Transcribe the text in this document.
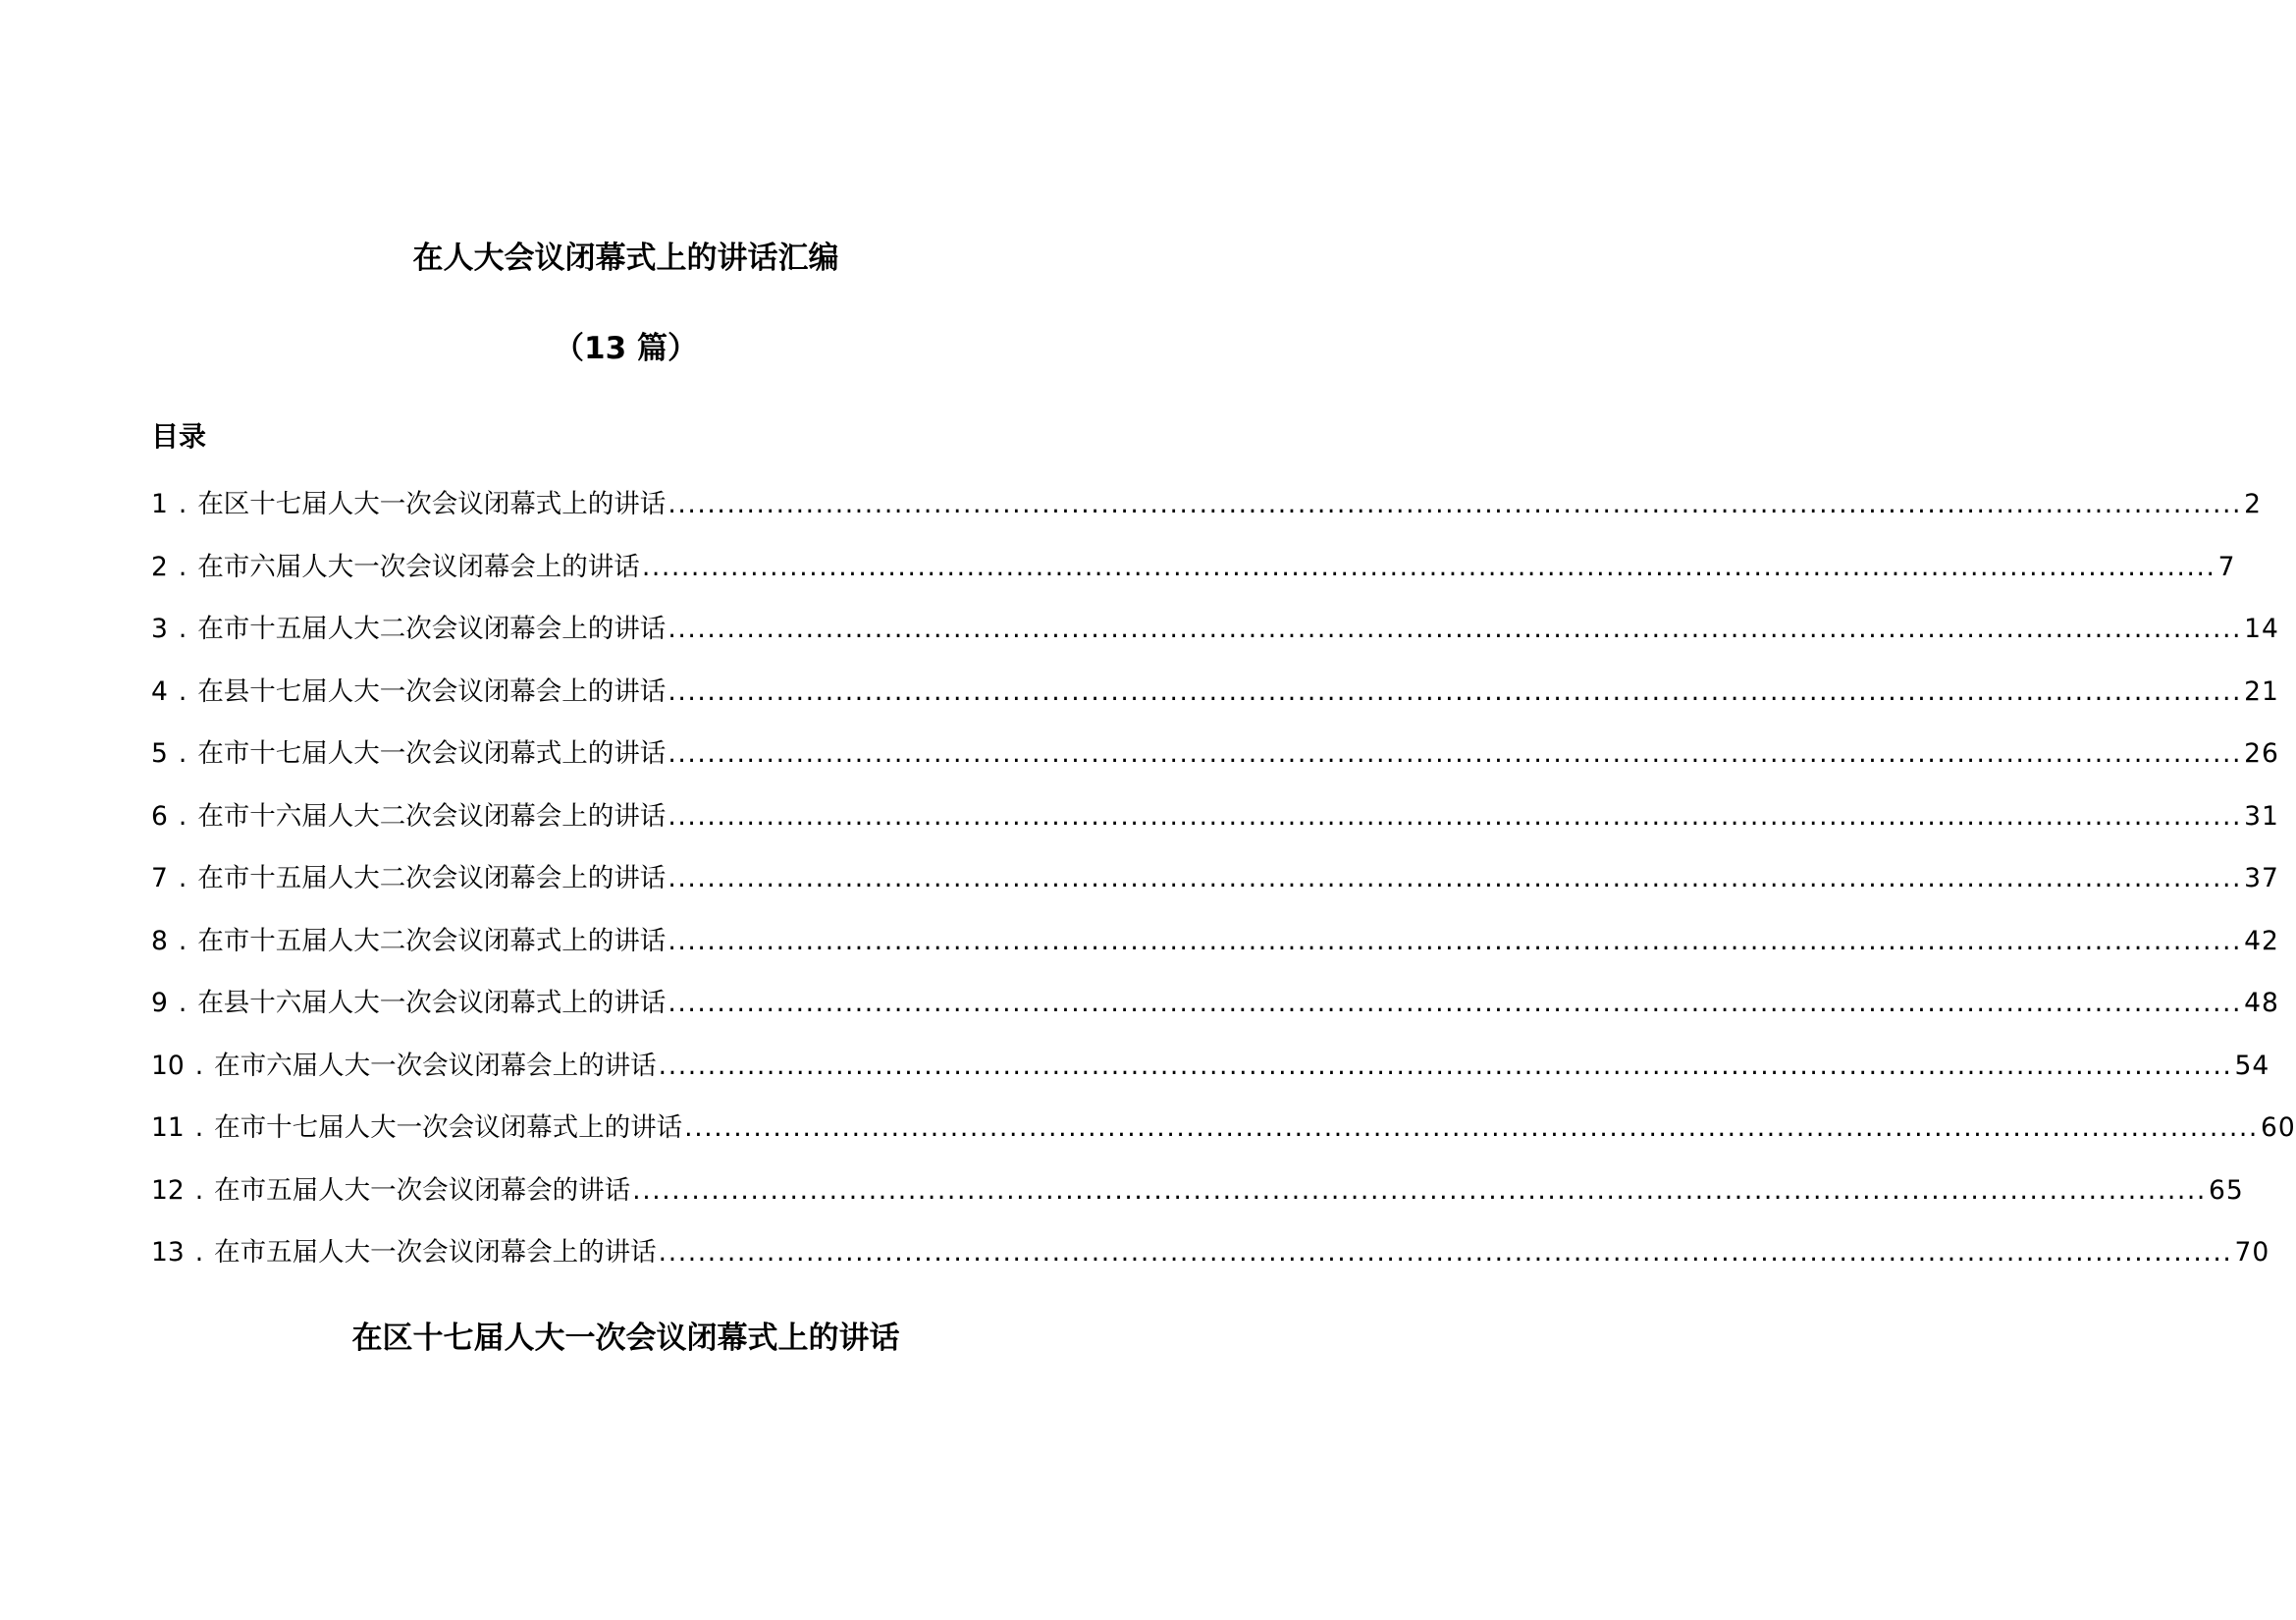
在人大会议闭幕式上的讲话汇编
（13 篇）
目录
1 . 在区十七届人大一次会议闭幕式上的讲话 ................................................................................................................................................................ 2
2 . 在市六届人大一次会议闭幕会上的讲话 ................................................................................................................................................................ 7
3 . 在市十五届人大二次会议闭幕会上的讲话 ................................................................................................................................................................ 14
4 . 在县十七届人大一次会议闭幕会上的讲话 ................................................................................................................................................................ 21
5 . 在市十七届人大一次会议闭幕式上的讲话 ................................................................................................................................................................ 26
6 . 在市十六届人大二次会议闭幕会上的讲话 ................................................................................................................................................................ 31
7 . 在市十五届人大二次会议闭幕会上的讲话 ................................................................................................................................................................ 37
8 . 在市十五届人大二次会议闭幕式上的讲话 ................................................................................................................................................................ 42
9 . 在县十六届人大一次会议闭幕式上的讲话 ................................................................................................................................................................ 48
10 . 在市六届人大一次会议闭幕会上的讲话 ................................................................................................................................................................ 54
11 . 在市十七届人大一次会议闭幕式上的讲话 ................................................................................................................................................................ 60
12 . 在市五届人大一次会议闭幕会的讲话 ................................................................................................................................................................ 65
13 . 在市五届人大一次会议闭幕会上的讲话 ................................................................................................................................................................ 70
在区十七届人大一次会议闭幕式上的讲话
